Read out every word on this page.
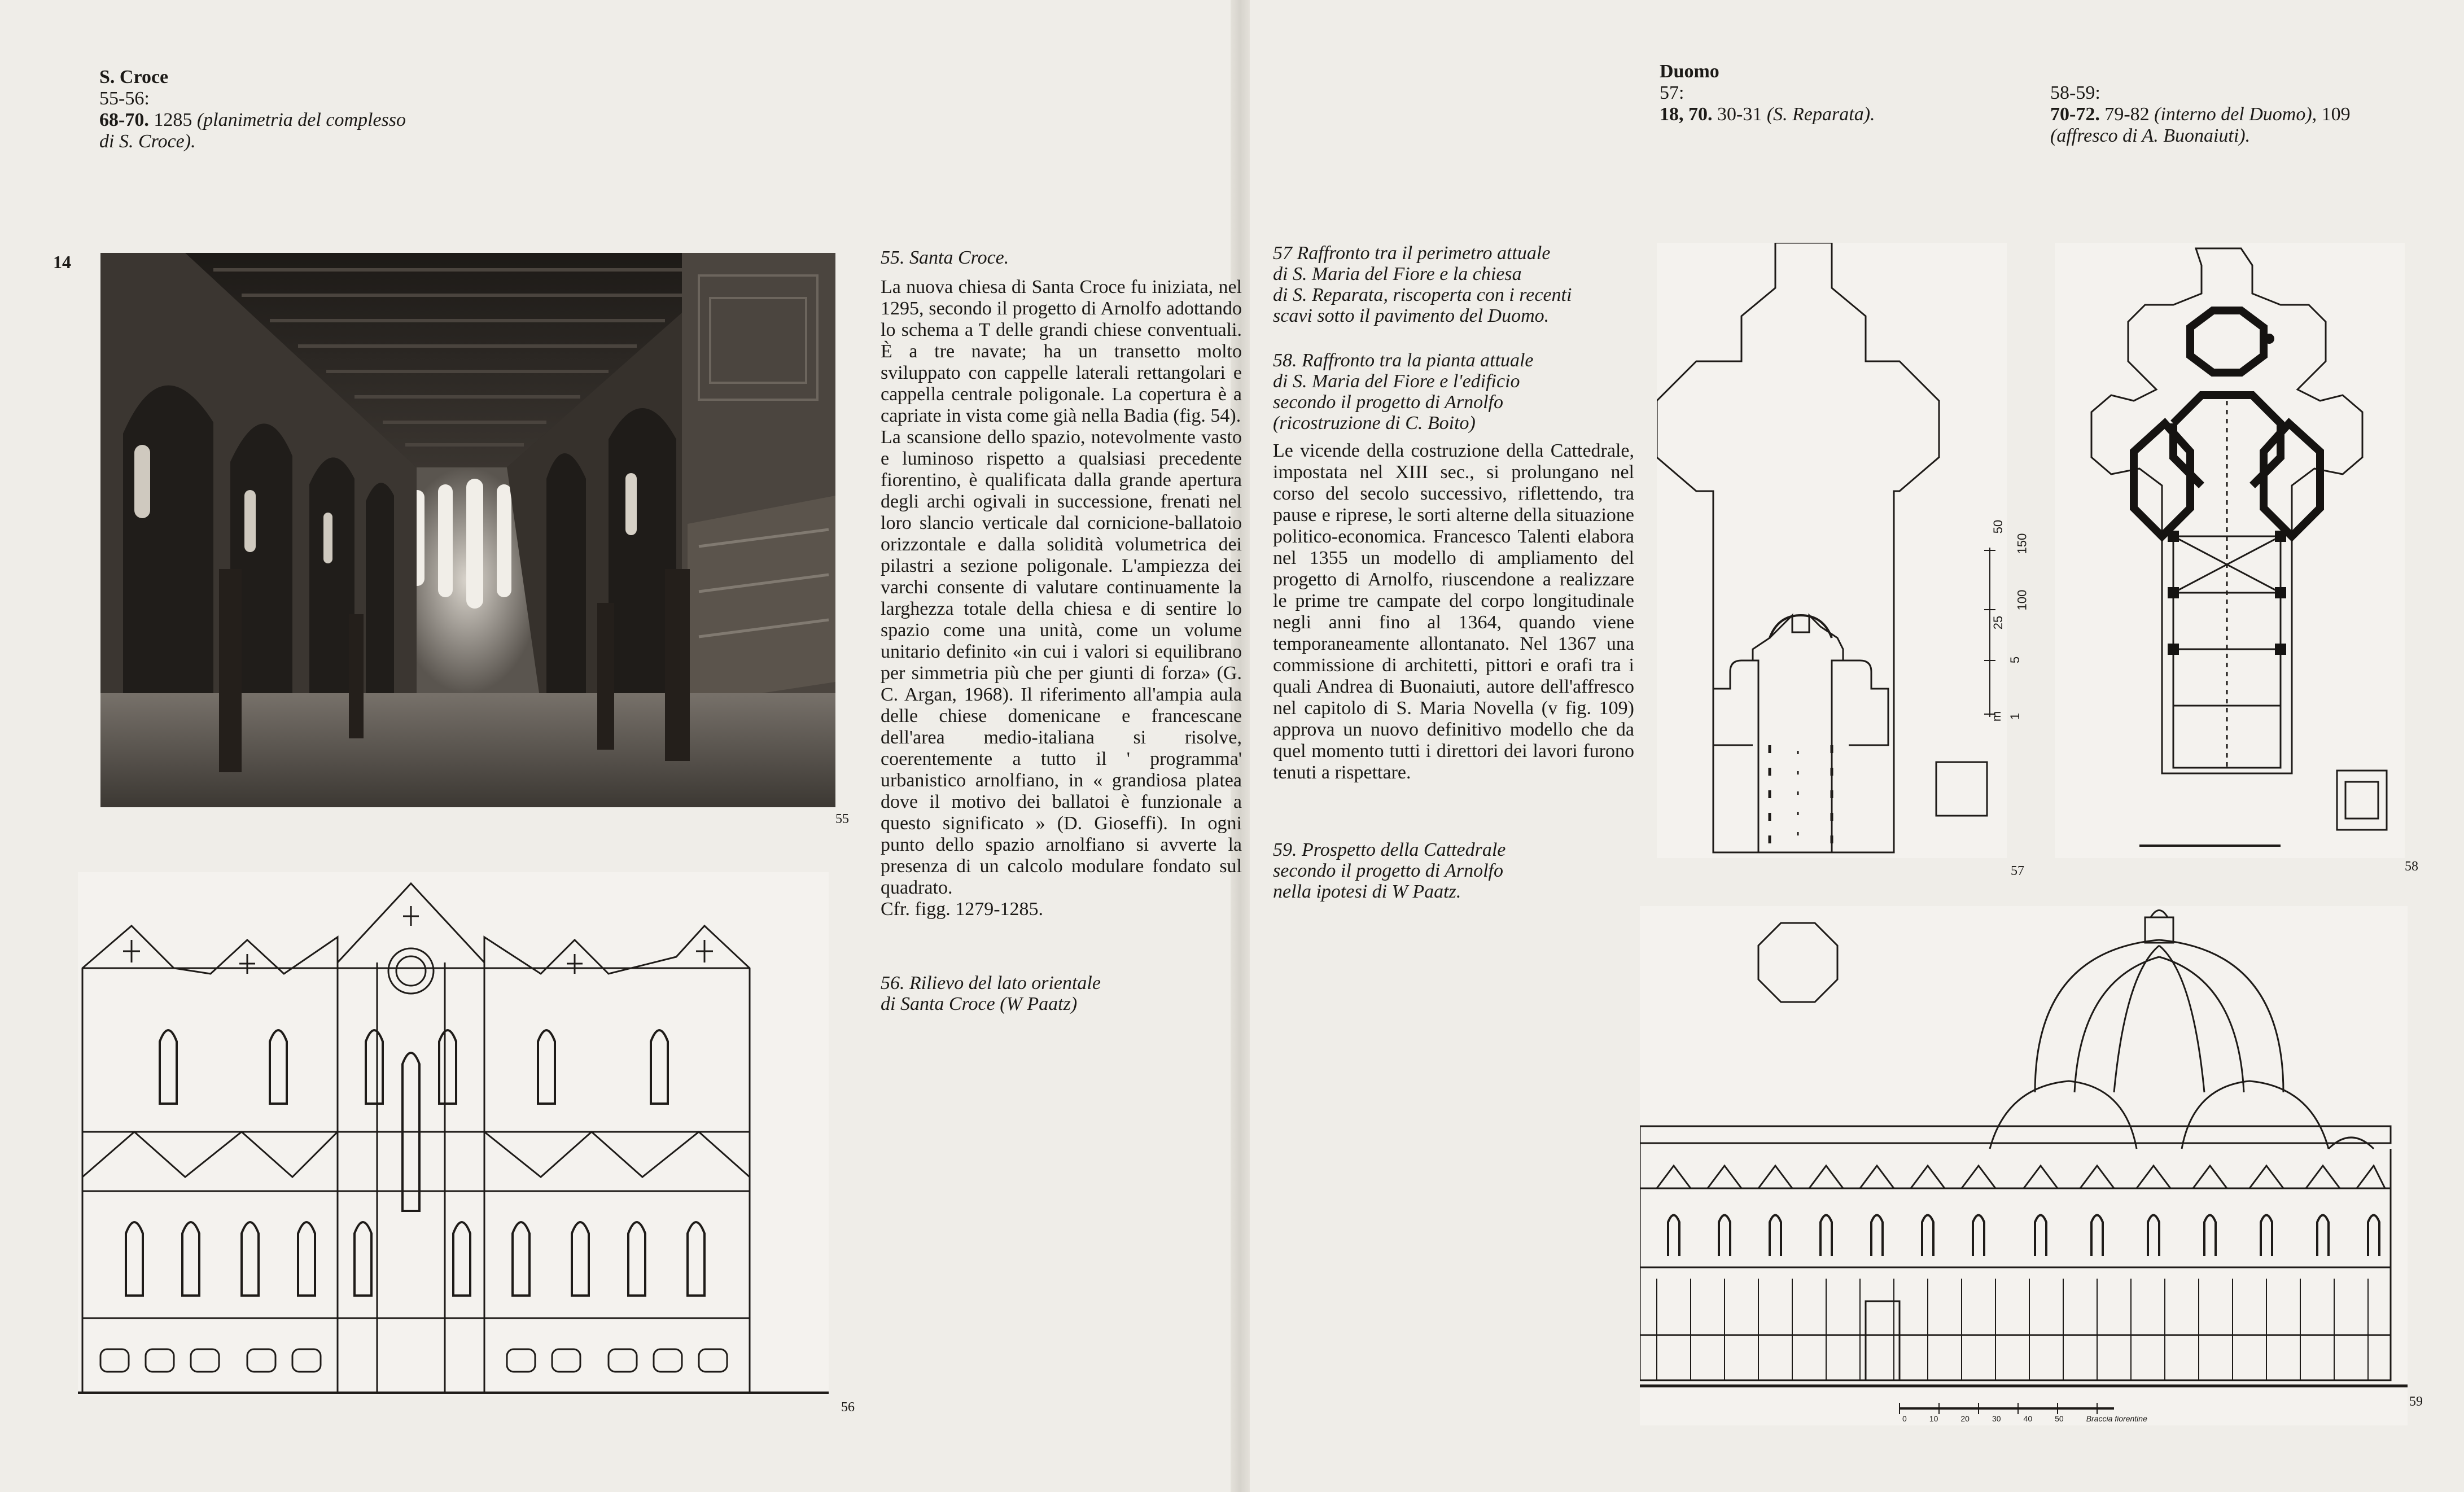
S. Croce
55-56:
68-70. 1285 (planimetria del complesso
di S. Croce).
14
55
56
55. Santa Croce.

La nuova chiesa di Santa Croce fu iniziata, nel 1295, secondo il progetto di Arnolfo adottando lo schema a T delle grandi chiese conventuali. È a tre navate; ha un transetto molto sviluppato con cappelle laterali rettangolari e cappella centrale poligonale. La copertura è a capriate in vista come già nella Badia (fig. 54).

La scansione dello spazio, notevolmente vasto e luminoso rispetto a qualsiasi precedente fiorentino, è qualificata dalla grande apertura degli archi ogivali in successione, frenati nel loro slancio verticale dal cornicione-ballatoio orizzontale e dalla solidità volumetrica dei pilastri a sezione poligonale. L'ampiezza dei varchi consente di valutare continuamente la larghezza totale della chiesa e di sentire lo spazio come una unità, come un volume unitario definito «in cui i valori si equilibrano per simmetria più che per giunti di forza» (G. C. Argan, 1968). Il riferimento all'ampia aula delle chiese domenicane e francescane dell'area medio-italiana si risolve, coerentemente a tutto il ' programma' urbanistico arnolfiano, in « grandiosa platea dove il motivo dei ballatoi è funzionale a questo significato » (D. Gioseffi). In ogni punto dello spazio arnolfiano si avverte la presenza di un calcolo modulare fondato sul quadrato.

Cfr. figg. 1279-1285.

56. Rilievo del lato orientale
di Santa Croce (W Paatz)
Duomo
57:
18, 70. 30-31 (S. Reparata).
58-59:
70-72. 79-82 (interno del Duomo), 109
(affresco di A. Buonaiuti).
57 Raffronto tra il perimetro attuale
di S. Maria del Fiore e la chiesa
di S. Reparata, riscoperta con i recenti
scavi sotto il pavimento del Duomo.
58. Raffronto tra la pianta attuale
di S. Maria del Fiore e l'edificio
secondo il progetto di Arnolfo
(ricostruzione di C. Boito)
Le vicende della costruzione della Cattedrale, impostata nel XIII sec., si prolungano nel corso del secolo successivo, riflettendo, tra pause e riprese, le sorti alterne della situazione politico-economica. Francesco Talenti elabora nel 1355 un modello di ampliamento del progetto di Arnolfo, riuscendone a realizzare le prime tre campate del corpo longitudinale negli anni fino al 1364, quando viene temporaneamente allontanato. Nel 1367 una commissione di architetti, pittori e orafi tra i quali Andrea di Buonaiuti, autore dell'affresco nel capitolo di S. Maria Novella (v fig. 109) approva un nuovo definitivo modello che da quel momento tutti i direttori dei lavori furono tenuti a rispettare.
59. Prospetto della Cattedrale
secondo il progetto di Arnolfo
nella ipotesi di W Paatz.
50
150
25
100
5
m 1
57	58
0	10	20	30	40	50	Braccia fiorentine
59
